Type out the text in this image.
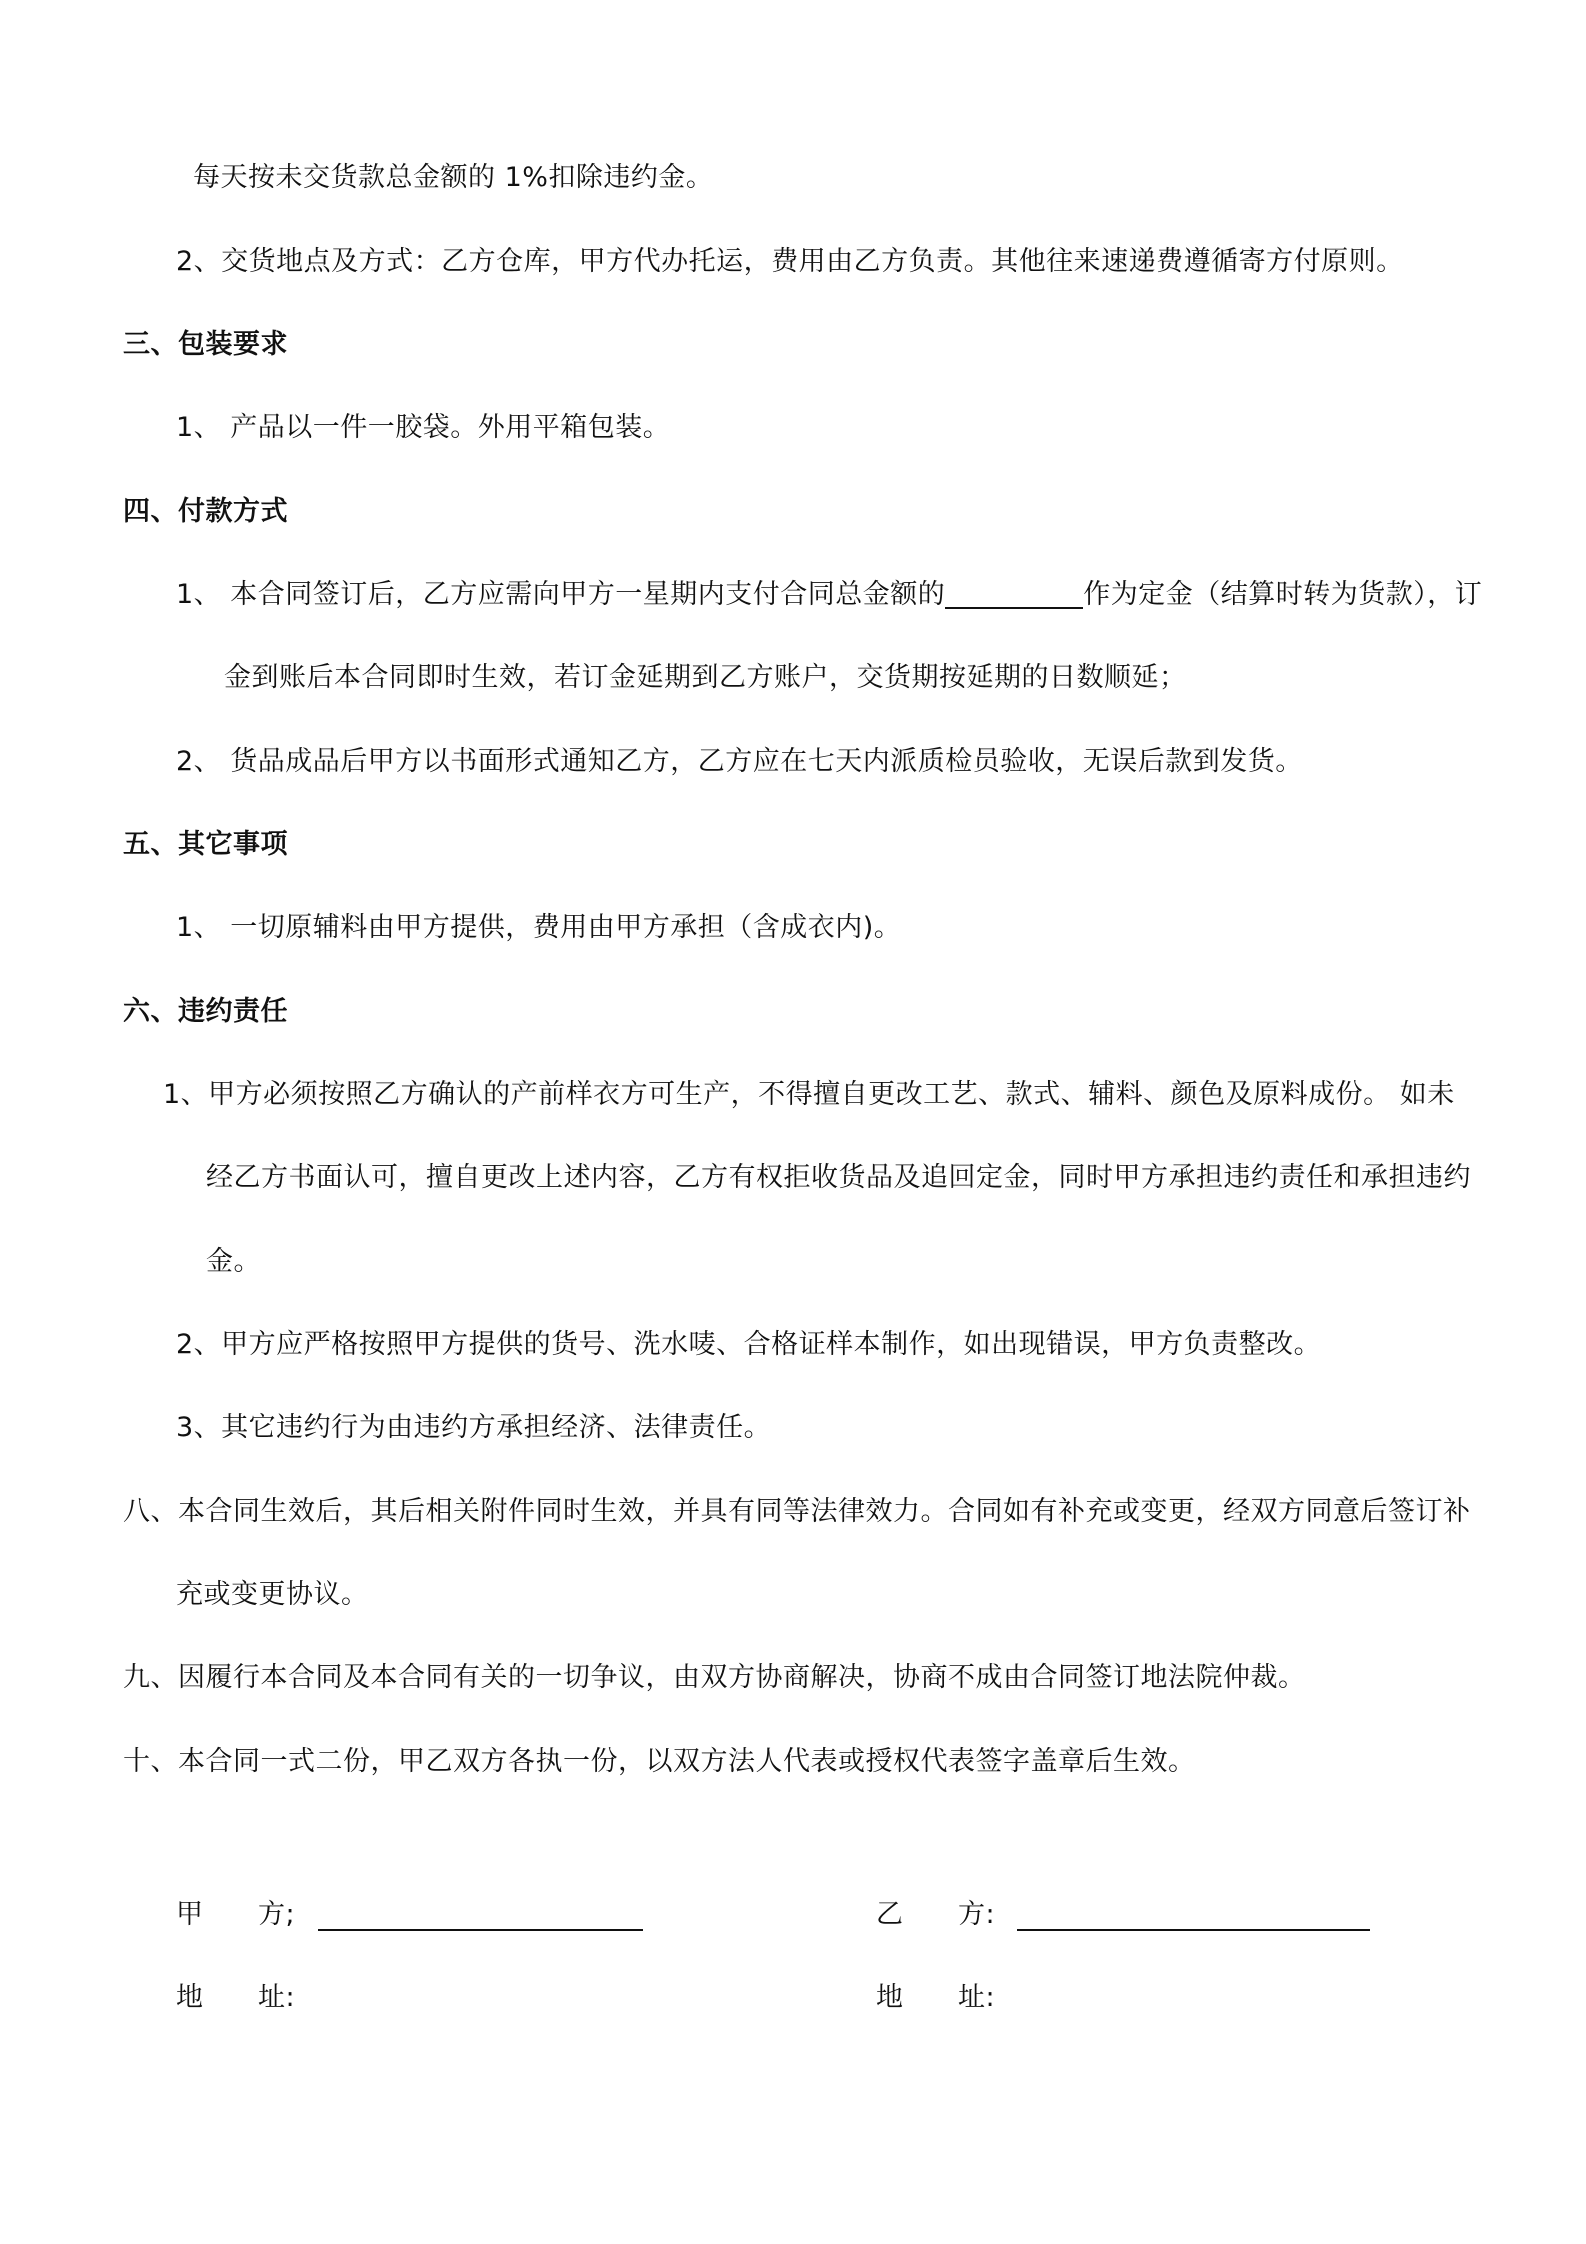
每天按未交货款总金额的 1%扣除违约金。
2、交货地点及方式：乙方仓库，甲方代办托运，费用由乙方负责。其他往来速递费遵循寄方付原则。
三、包装要求
1、 产品以一件一胶袋。外用平箱包装。
四、付款方式
1、 本合同签订后，乙方应需向甲方一星期内支付合同总金额的	作为定金（结算时转为货款），订
金到账后本合同即时生效，若订金延期到乙方账户，交货期按延期的日数顺延；
2、 货品成品后甲方以书面形式通知乙方，乙方应在七天内派质检员验收，无误后款到发货。
五、其它事项
1、 一切原辅料由甲方提供，费用由甲方承担（含成衣内)。
六、违约责任
1、甲方必须按照乙方确认的产前样衣方可生产，不得擅自更改工艺、款式、辅料、颜色及原料成份。 如未
经乙方书面认可，擅自更改上述内容，乙方有权拒收货品及追回定金，同时甲方承担违约责任和承担违约
金。
2、甲方应严格按照甲方提供的货号、洗水唛、合格证样本制作，如出现错误，甲方负责整改。
3、其它违约行为由违约方承担经济、法律责任。
八、本合同生效后，其后相关附件同时生效，并具有同等法律效力。合同如有补充或变更，经双方同意后签订补
充或变更协议。
九、因履行本合同及本合同有关的一切争议，由双方协商解决，协商不成由合同签订地法院仲裁。
十、本合同一式二份，甲乙双方各执一份，以双方法人代表或授权代表签字盖章后生效。
甲      方;	乙      方:
地      址:	地      址:
